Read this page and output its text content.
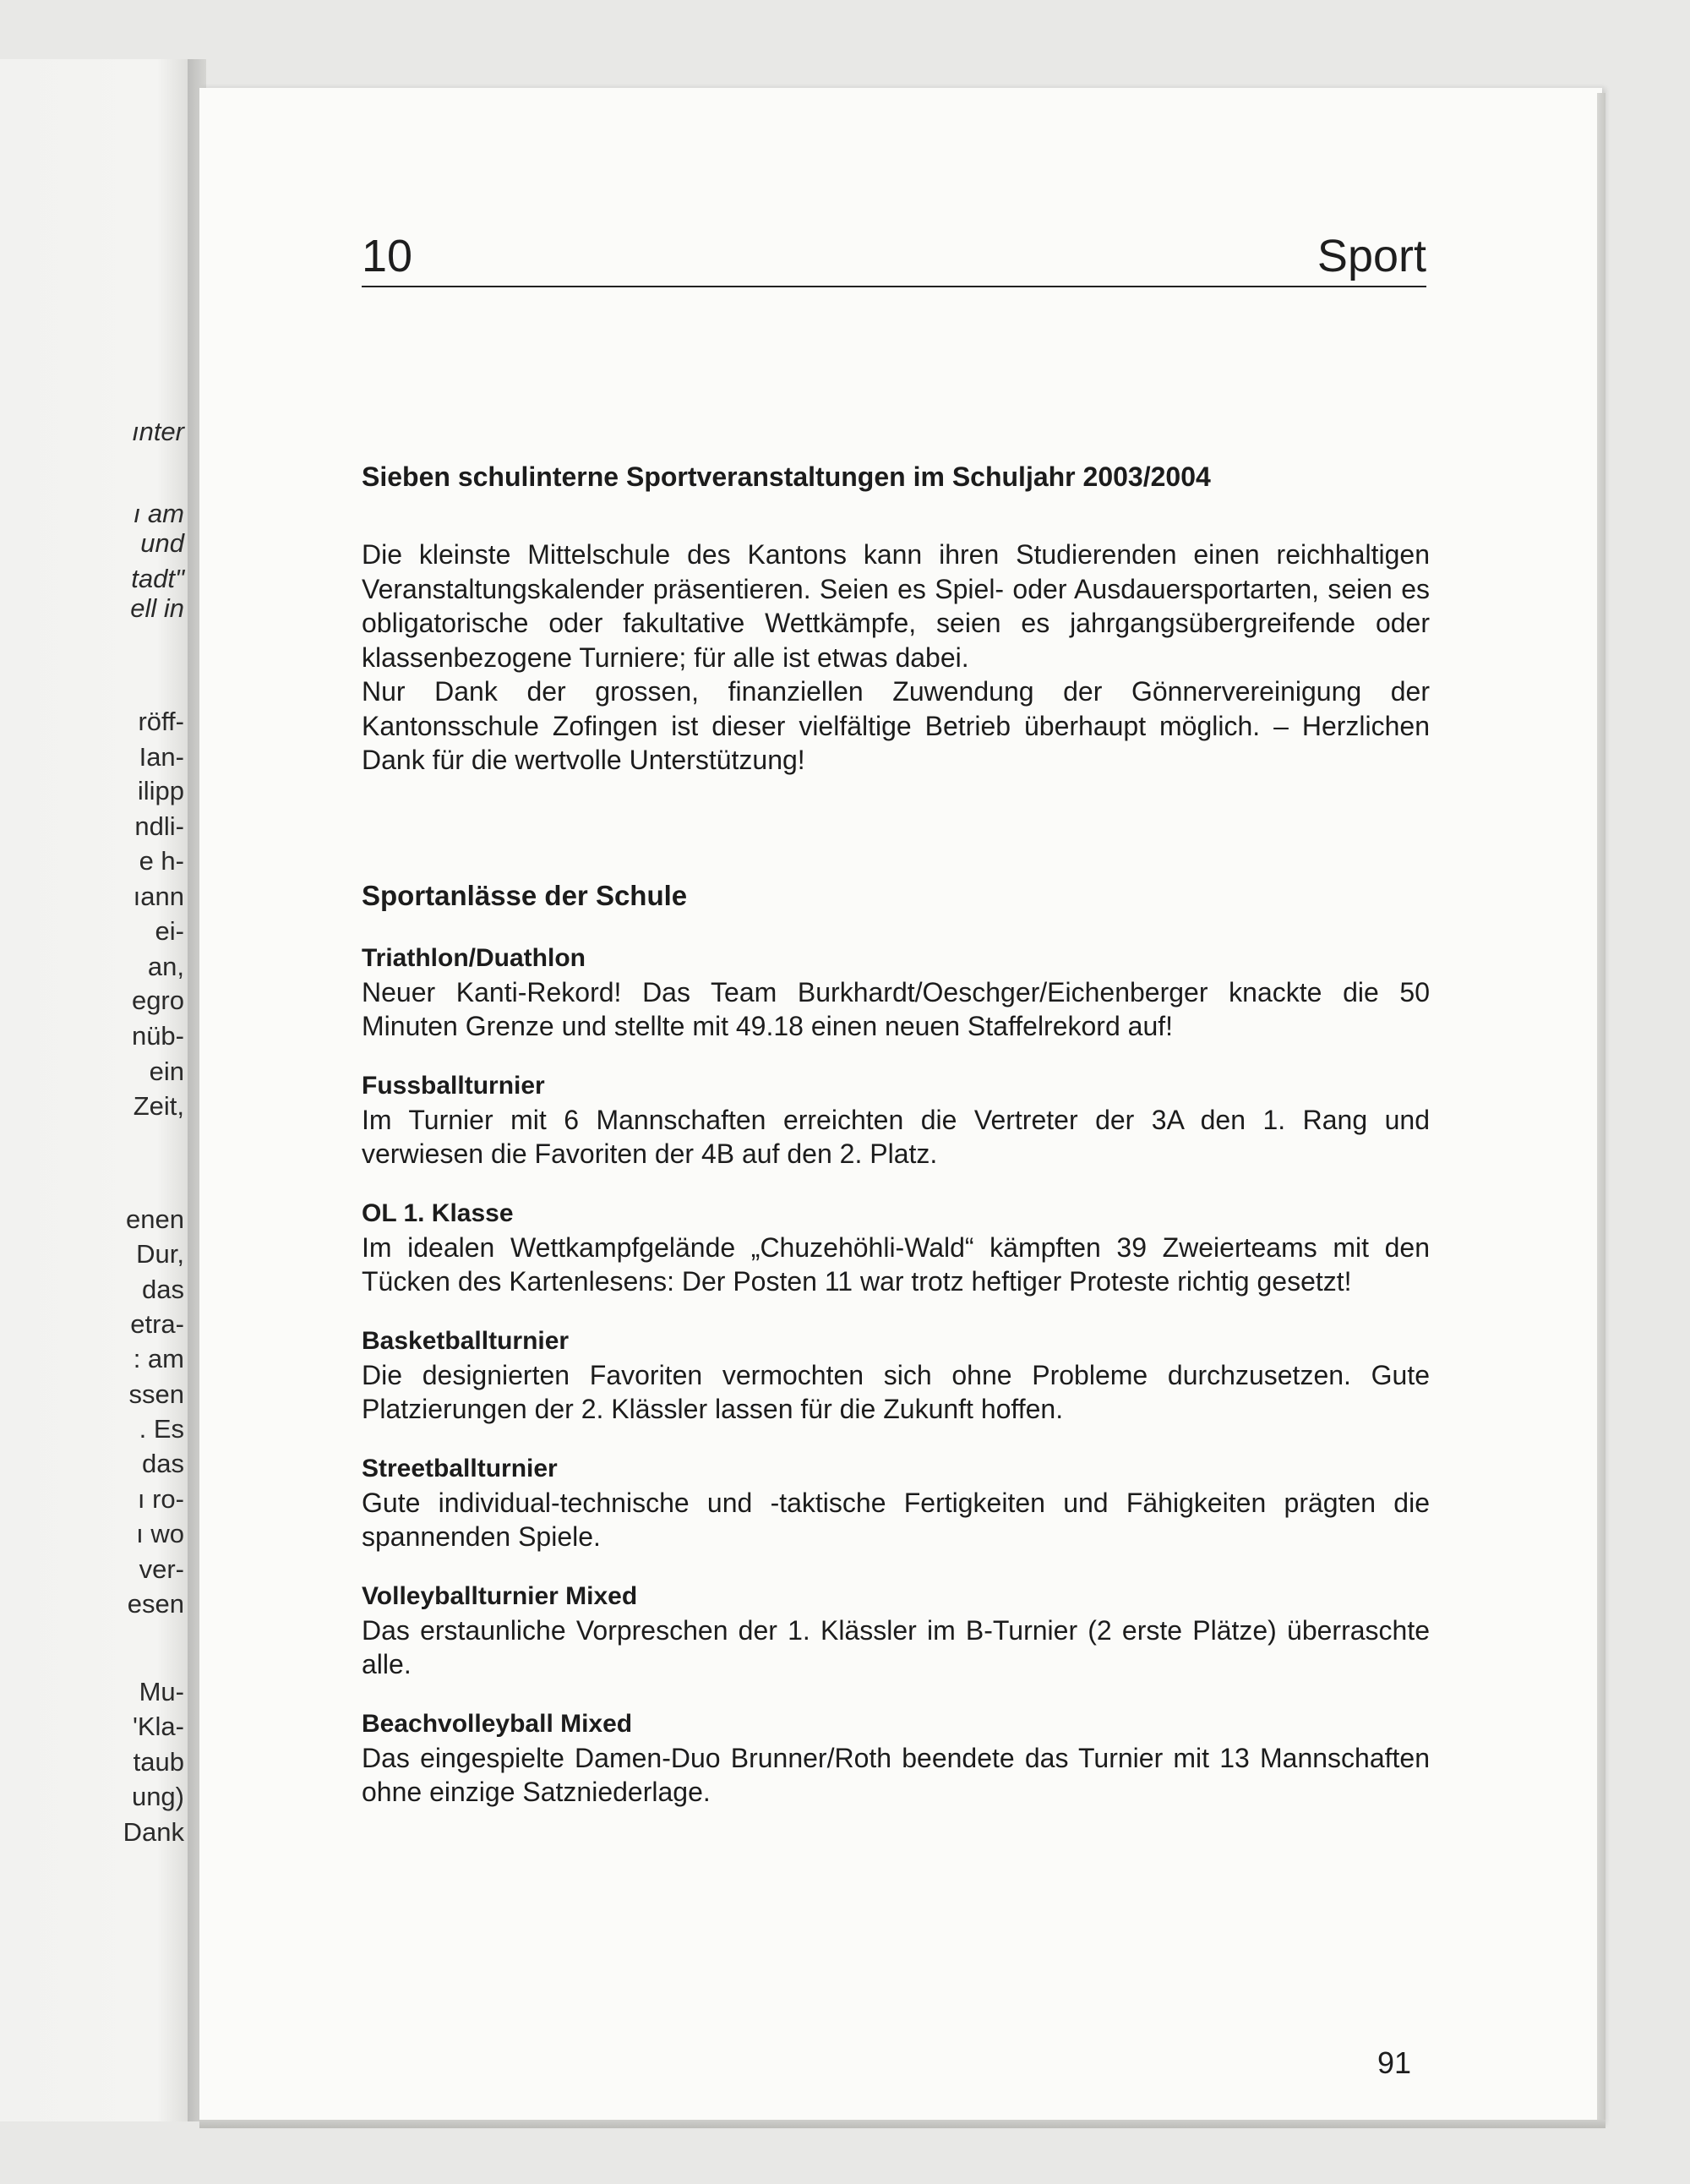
ınter
ı am
und
tadt"
ell in
röff-
Ian-
ilipp
ndli-
e h-
ıann
ei-
an,
egro
nüb-
ein
Zeit,
enen
Dur,
das
etra-
: am
ssen
. Es
das
ı ro-
ı wo
ver-
esen
Mu-
'Kla-
taub
ung)
Dank
10	Sport
Sieben schulinterne Sportveranstaltungen im Schuljahr 2003/2004

Die kleinste Mittelschule des Kantons kann ihren Studierenden einen reichhaltigen Veranstaltungskalender präsentieren. Seien es Spiel- oder Ausdauersportarten, seien es obligatorische oder fakultative Wettkämpfe, seien es jahrgangsübergreifende oder klassenbezogene Turniere; für alle ist etwas dabei.

Nur Dank der grossen, finanziellen Zuwendung der Gönnervereinigung der Kantonsschule Zofingen ist dieser vielfältige Betrieb überhaupt möglich. – Herzlichen Dank für die wertvolle Unterstützung!

Sportanlässe der Schule
Triathlon/Duathlon

Neuer Kanti-Rekord! Das Team Burkhardt/Oeschger/Eichenberger knackte die 50 Minuten Grenze und stellte mit 49.18 einen neuen Staffelrekord auf!

Fussballturnier

Im Turnier mit 6 Mannschaften erreichten die Vertreter der 3A den 1. Rang und verwiesen die Favoriten der 4B auf den 2. Platz.

OL 1. Klasse

Im idealen Wettkampfgelände „Chuzehöhli-Wald“ kämpften 39 Zweierteams mit den Tücken des Kartenlesens: Der Posten 11 war trotz heftiger Proteste richtig gesetzt!

Basketballturnier

Die designierten Favoriten vermochten sich ohne Probleme durchzusetzen. Gute Platzierungen der 2. Klässler lassen für die Zukunft hoffen.

Streetballturnier

Gute individual-technische und -taktische Fertigkeiten und Fähigkeiten prägten die spannenden Spiele.

Volleyballturnier Mixed

Das erstaunliche Vorpreschen der 1. Klässler im B-Turnier (2 erste Plätze) überraschte alle.

Beachvolleyball Mixed

Das eingespielte Damen-Duo Brunner/Roth beendete das Turnier mit 13 Mannschaften ohne einzige Satzniederlage.

91
